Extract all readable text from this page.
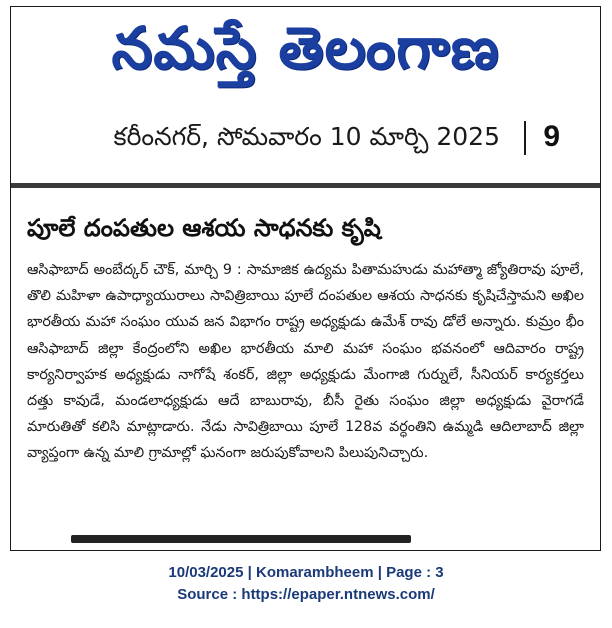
నమస్తే తెలంగాణ
కరీంనగర్, సోమవారం 10 మార్చి 2025 9
పూలే దంపతుల ఆశయ సాధనకు కృషి
ఆసిఫాబాద్ అంబేద్కర్ చౌక్, మార్చి 9 : సామాజిక ఉద్యమ పితామహుడు మహాత్మా జ్యోతిరావు పూలే, తొలి మహిళా ఉపాధ్యాయురాలు సావిత్రిబాయి పూలే దంపతుల ఆశయ సాధనకు కృషిచేస్తామని అఖిల భారతీయ మహా సంఘం యువ జన విభాగం రాష్ట్ర అధ్యక్షుడు ఉమేశ్ రావు డోలే అన్నారు. కుమ్రం భీం ఆసిఫాబాద్ జిల్లా కేంద్రంలోని అఖిల భారతీయ మాలి మహా సంఘం భవనంలో ఆదివారం రాష్ట్ర కార్యనిర్వాహక అధ్యక్షుడు నాగోషే శంకర్, జిల్లా అధ్యక్షుడు మేంగాజి గుర్నులే, సీనియర్ కార్యకర్తలు దత్తు కావుడే, మండలాధ్యక్షుడు ఆదే బాబురావు, బీసీ రైతు సంఘం జిల్లా అధ్యక్షుడు వైరాగడే మారుతితో కలిసి మాట్లాడారు. నేడు సావిత్రిబాయి పూలే 128వ వర్ధంతిని ఉమ్మడి ఆదిలాబాద్ జిల్లా వ్యాప్తంగా ఉన్న మాలి గ్రామాల్లో ఘనంగా జరుపుకోవాలని పిలుపునిచ్చారు.
10/03/2025 | Komarambheem | Page : 3
Source : https://epaper.ntnews.com/
